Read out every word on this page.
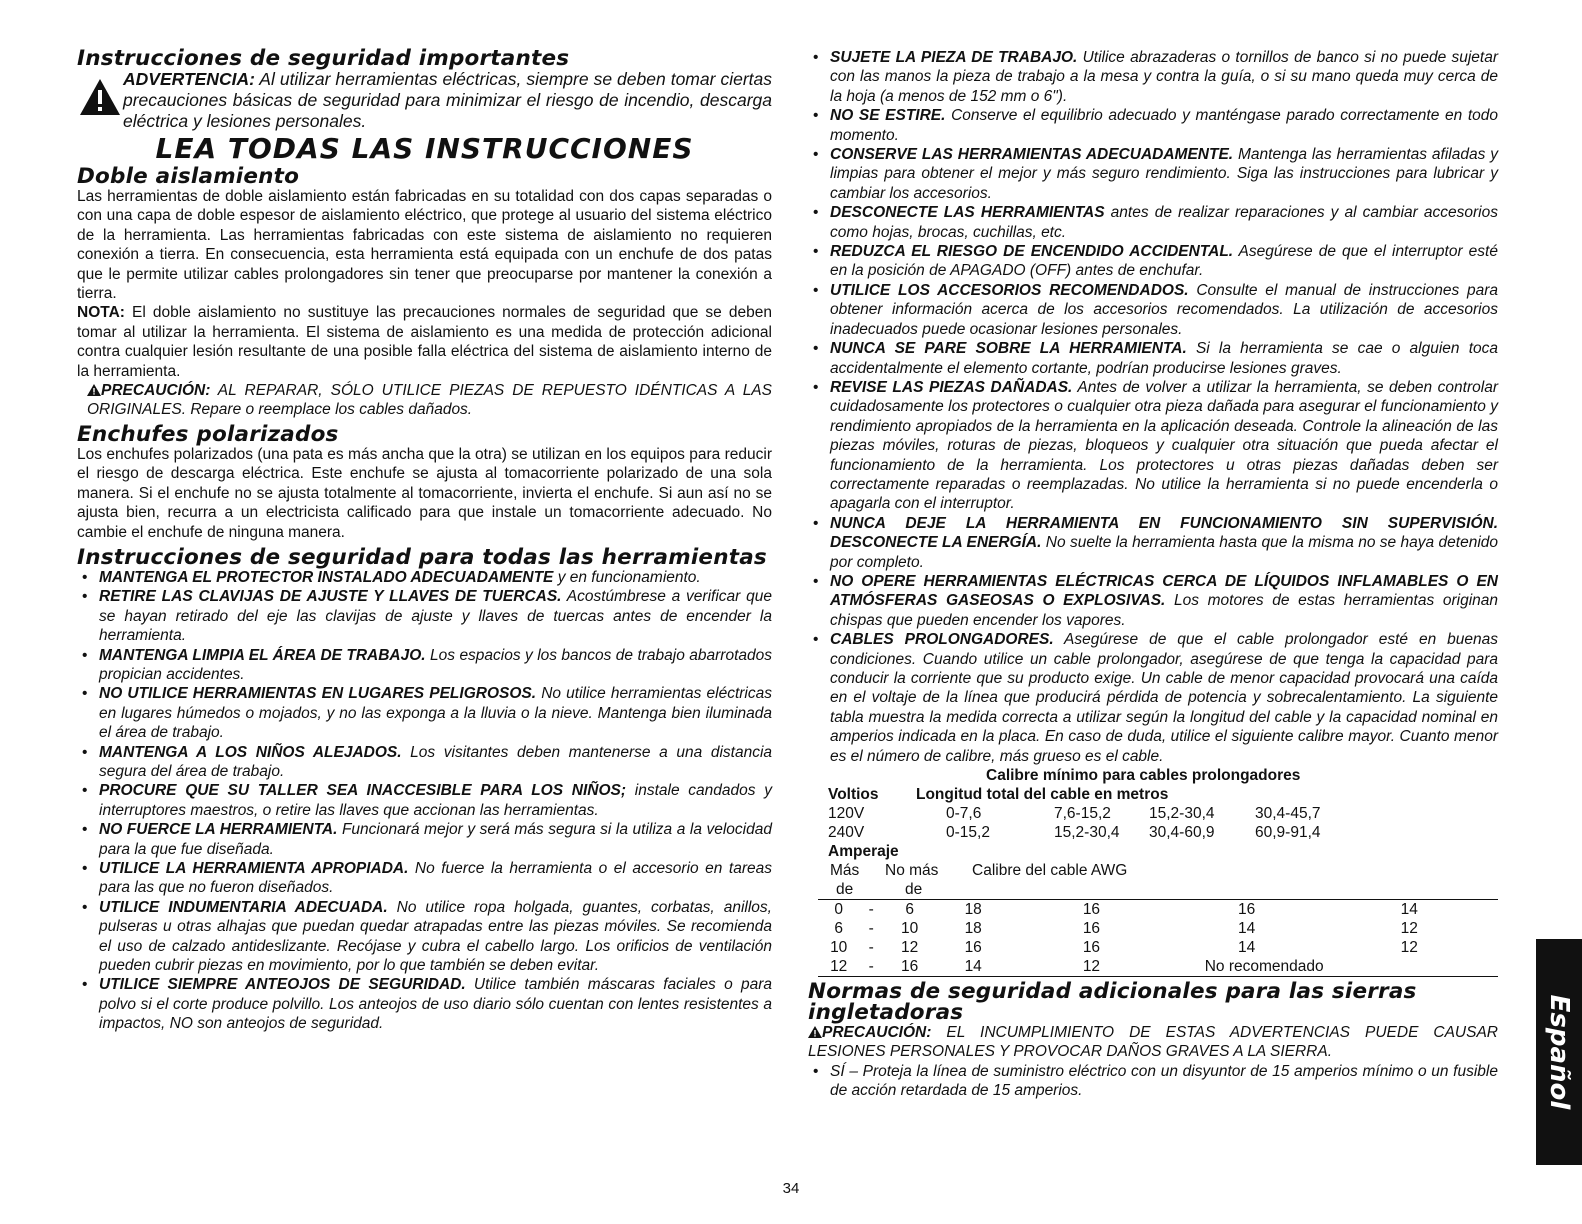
Instrucciones de seguridad importantes

ADVERTENCIA: Al utilizar herramientas eléctricas, siempre se deben tomar ciertas precauciones básicas de seguridad para minimizar el riesgo de incendio, descarga eléctrica y lesiones personales.

LEA TODAS LAS INSTRUCCIONES
Doble aislamiento

Las herramientas de doble aislamiento están fabricadas en su totalidad con dos capas separadas o con una capa de doble espesor de aislamiento eléctrico, que protege al usuario del sistema eléctrico de la herramienta. Las herramientas fabricadas con este sistema de aislamiento no requieren conexión a tierra. En consecuencia, esta herramienta está equipada con un enchufe de dos patas que le permite utilizar cables prolongadores sin tener que preocuparse por mantener la conexión a tierra.

NOTA: El doble aislamiento no sustituye las precauciones normales de seguridad que se deben tomar al utilizar la herramienta. El sistema de aislamiento es una medida de protección adicional contra cualquier lesión resultante de una posible falla eléctrica del sistema de aislamiento interno de la herramienta.

PRECAUCIÓN: AL REPARAR, SÓLO UTILICE PIEZAS DE REPUESTO IDÉNTICAS A LAS ORIGINALES. Repare o reemplace los cables dañados.

Enchufes polarizados

Los enchufes polarizados (una pata es más ancha que la otra) se utilizan en los equipos para reducir el riesgo de descarga eléctrica. Este enchufe se ajusta al tomacorriente polarizado de una sola manera. Si el enchufe no se ajusta totalmente al tomacorriente, invierta el enchufe. Si aun así no se ajusta bien, recurra a un electricista calificado para que instale un tomacorriente adecuado. No cambie el enchufe de ninguna manera.

Instrucciones de seguridad para todas las herramientas
• MANTENGA EL PROTECTOR INSTALADO ADECUADAMENTE y en funcionamiento.
• RETIRE LAS CLAVIJAS DE AJUSTE Y LLAVES DE TUERCAS. Acostúmbrese a verificar que se hayan retirado del eje las clavijas de ajuste y llaves de tuercas antes de encender la herramienta.
• MANTENGA LIMPIA EL ÁREA DE TRABAJO. Los espacios y los bancos de trabajo abarrotados propician accidentes.
• NO UTILICE HERRAMIENTAS EN LUGARES PELIGROSOS. No utilice herramientas eléctricas en lugares húmedos o mojados, y no las exponga a la lluvia o la nieve. Mantenga bien iluminada el área de trabajo.
• MANTENGA A LOS NIÑOS ALEJADOS. Los visitantes deben mantenerse a una distancia segura del área de trabajo.
• PROCURE QUE SU TALLER SEA INACCESIBLE PARA LOS NIÑOS; instale candados y interruptores maestros, o retire las llaves que accionan las herramientas.
• NO FUERCE LA HERRAMIENTA. Funcionará mejor y será más segura si la utiliza a la velocidad para la que fue diseñada.
• UTILICE LA HERRAMIENTA APROPIADA. No fuerce la herramienta o el accesorio en tareas para las que no fueron diseñados.
• UTILICE INDUMENTARIA ADECUADA. No utilice ropa holgada, guantes, corbatas, anillos, pulseras u otras alhajas que puedan quedar atrapadas entre las piezas móviles. Se recomienda el uso de calzado antideslizante. Recójase y cubra el cabello largo. Los orificios de ventilación pueden cubrir piezas en movimiento, por lo que también se deben evitar.
• UTILICE SIEMPRE ANTEOJOS DE SEGURIDAD. Utilice también máscaras faciales o para polvo si el corte produce polvillo. Los anteojos de uso diario sólo cuentan con lentes resistentes a impactos, NO son anteojos de seguridad.
• SUJETE LA PIEZA DE TRABAJO. Utilice abrazaderas o tornillos de banco si no puede sujetar con las manos la pieza de trabajo a la mesa y contra la guía, o si su mano queda muy cerca de la hoja (a menos de 152 mm o 6").
• NO SE ESTIRE. Conserve el equilibrio adecuado y manténgase parado correctamente en todo momento.
• CONSERVE LAS HERRAMIENTAS ADECUADAMENTE. Mantenga las herramientas afiladas y limpias para obtener el mejor y más seguro rendimiento. Siga las instrucciones para lubricar y cambiar los accesorios.
• DESCONECTE LAS HERRAMIENTAS antes de realizar reparaciones y al cambiar accesorios como hojas, brocas, cuchillas, etc.
• REDUZCA EL RIESGO DE ENCENDIDO ACCIDENTAL. Asegúrese de que el interruptor esté en la posición de APAGADO (OFF) antes de enchufar.
• UTILICE LOS ACCESORIOS RECOMENDADOS. Consulte el manual de instrucciones para obtener información acerca de los accesorios recomendados. La utilización de accesorios inadecuados puede ocasionar lesiones personales.
• NUNCA SE PARE SOBRE LA HERRAMIENTA. Si la herramienta se cae o alguien toca accidentalmente el elemento cortante, podrían producirse lesiones graves.
• REVISE LAS PIEZAS DAÑADAS. Antes de volver a utilizar la herramienta, se deben controlar cuidadosamente los protectores o cualquier otra pieza dañada para asegurar el funcionamiento y rendimiento apropiados de la herramienta en la aplicación deseada. Controle la alineación de las piezas móviles, roturas de piezas, bloqueos y cualquier otra situación que pueda afectar el funcionamiento de la herramienta. Los protectores u otras piezas dañadas deben ser correctamente reparadas o reemplazadas. No utilice la herramienta si no puede encenderla o apagarla con el interruptor.
• NUNCA DEJE LA HERRAMIENTA EN FUNCIONAMIENTO SIN SUPERVISIÓN. DESCONECTE LA ENERGÍA. No suelte la herramienta hasta que la misma no se haya detenido por completo.
• NO OPERE HERRAMIENTAS ELÉCTRICAS CERCA DE LÍQUIDOS INFLAMABLES O EN ATMÓSFERAS GASEOSAS O EXPLOSIVAS. Los motores de estas herramientas originan chispas que pueden encender los vapores.
• CABLES PROLONGADORES. Asegúrese de que el cable prolongador esté en buenas condiciones. Cuando utilice un cable prolongador, asegúrese de que tenga la capacidad para conducir la corriente que su producto exige. Un cable de menor capacidad provocará una caída en el voltaje de la línea que producirá pérdida de potencia y sobrecalentamiento. La siguiente tabla muestra la medida correcta a utilizar según la longitud del cable y la capacidad nominal en amperios indicada en la placa. En caso de duda, utilice el siguiente calibre mayor. Cuanto menor es el número de calibre, más grueso es el cable.
Calibre mínimo para cables prolongadores
Voltios	Longitud total del cable en metros			
120V	0-7,6	7,6-15,2	15,2-30,4	30,4-45,7
240V	0-15,2	15,2-30,4	30,4-60,9	60,9-91,4
Amperaje
Más No más Calibre del cable AWG
de	de
0	-	6	18	16	16	14
6	-	10	18	16	14	12
10	-	12	16	16	14	12
12	-	16	14	12	No recomendado	
Normas de seguridad adicionales para las sierras ingletadoras

PRECAUCIÓN: EL INCUMPLIMIENTO DE ESTAS ADVERTENCIAS PUEDE CAUSAR LESIONES PERSONALES Y PROVOCAR DAÑOS GRAVES A LA SIERRA.

• SÍ – Proteja la línea de suministro eléctrico con un disyuntor de 15 amperios mínimo o un fusible de acción retardada de 15 amperios.	Español
34
